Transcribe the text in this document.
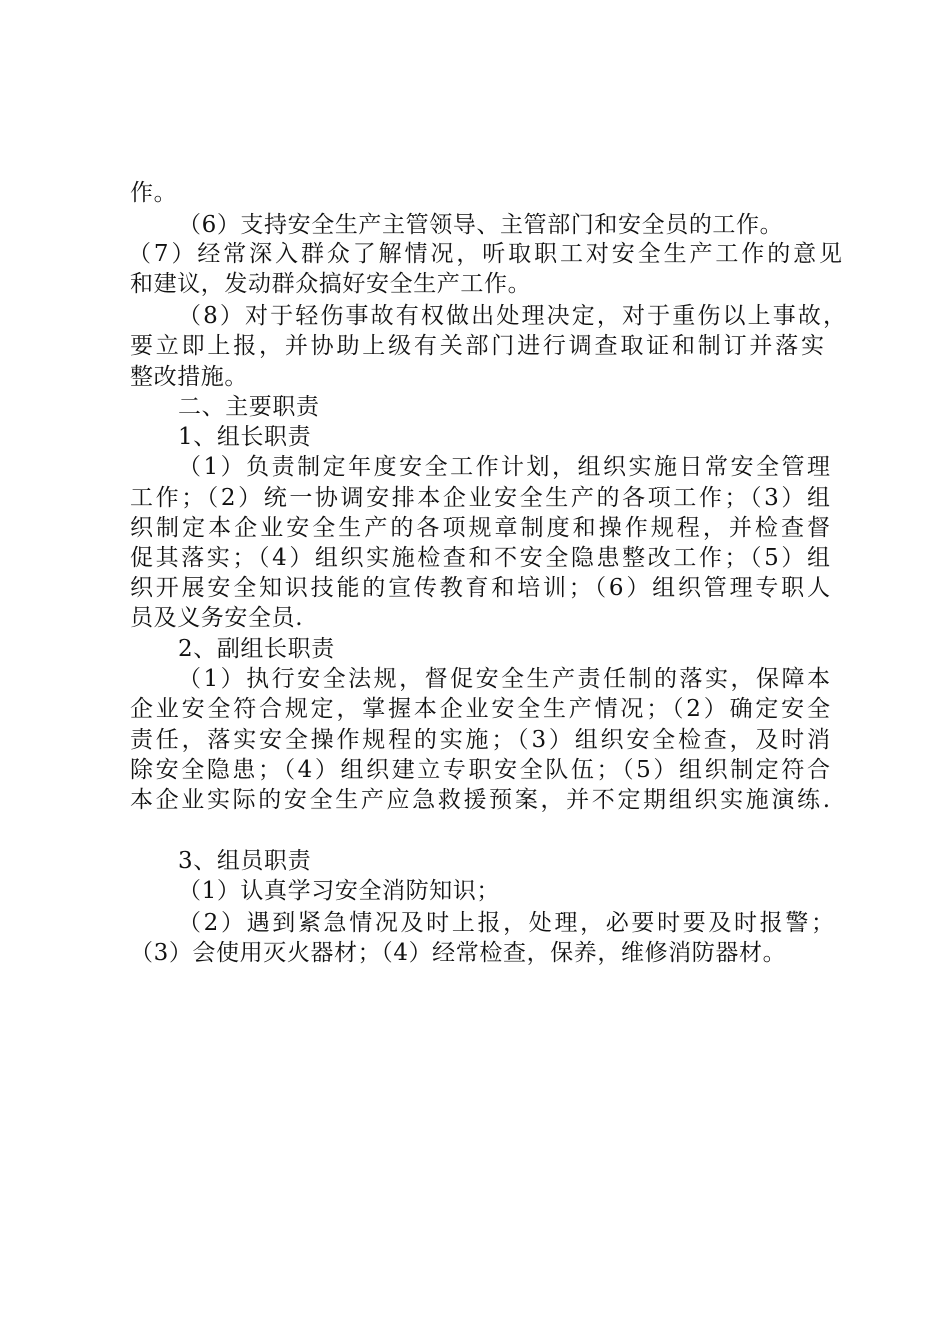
作。
（6）支持安全生产主管领导、主管部门和安全员的工作。
（7）经常深入群众了解情况，听取职工对安全生产工作的意见
和建议，发动群众搞好安全生产工作。
（8）对于轻伤事故有权做出处理决定，对于重伤以上事故，
要立即上报，并协助上级有关部门进行调查取证和制订并落实
整改措施。
二、主要职责
1、组长职责
（1）负责制定年度安全工作计划，组织实施日常安全管理
工作；（2）统一协调安排本企业安全生产的各项工作；（3）组
织制定本企业安全生产的各项规章制度和操作规程，并检查督
促其落实；（4）组织实施检查和不安全隐患整改工作；（5）组
织开展安全知识技能的宣传教育和培训；（6）组织管理专职人
员及义务安全员.
2、副组长职责
（1）执行安全法规，督促安全生产责任制的落实，保障本
企业安全符合规定，掌握本企业安全生产情况；（2）确定安全
责任，落实安全操作规程的实施；（3）组织安全检查，及时消
除安全隐患；（4）组织建立专职安全队伍；（5）组织制定符合
本企业实际的安全生产应急救援预案，并不定期组织实施演练.
3、组员职责
（1）认真学习安全消防知识；
（2）遇到紧急情况及时上报，处理，必要时要及时报警；
（3）会使用灭火器材；（4）经常检查，保养，维修消防器材。
